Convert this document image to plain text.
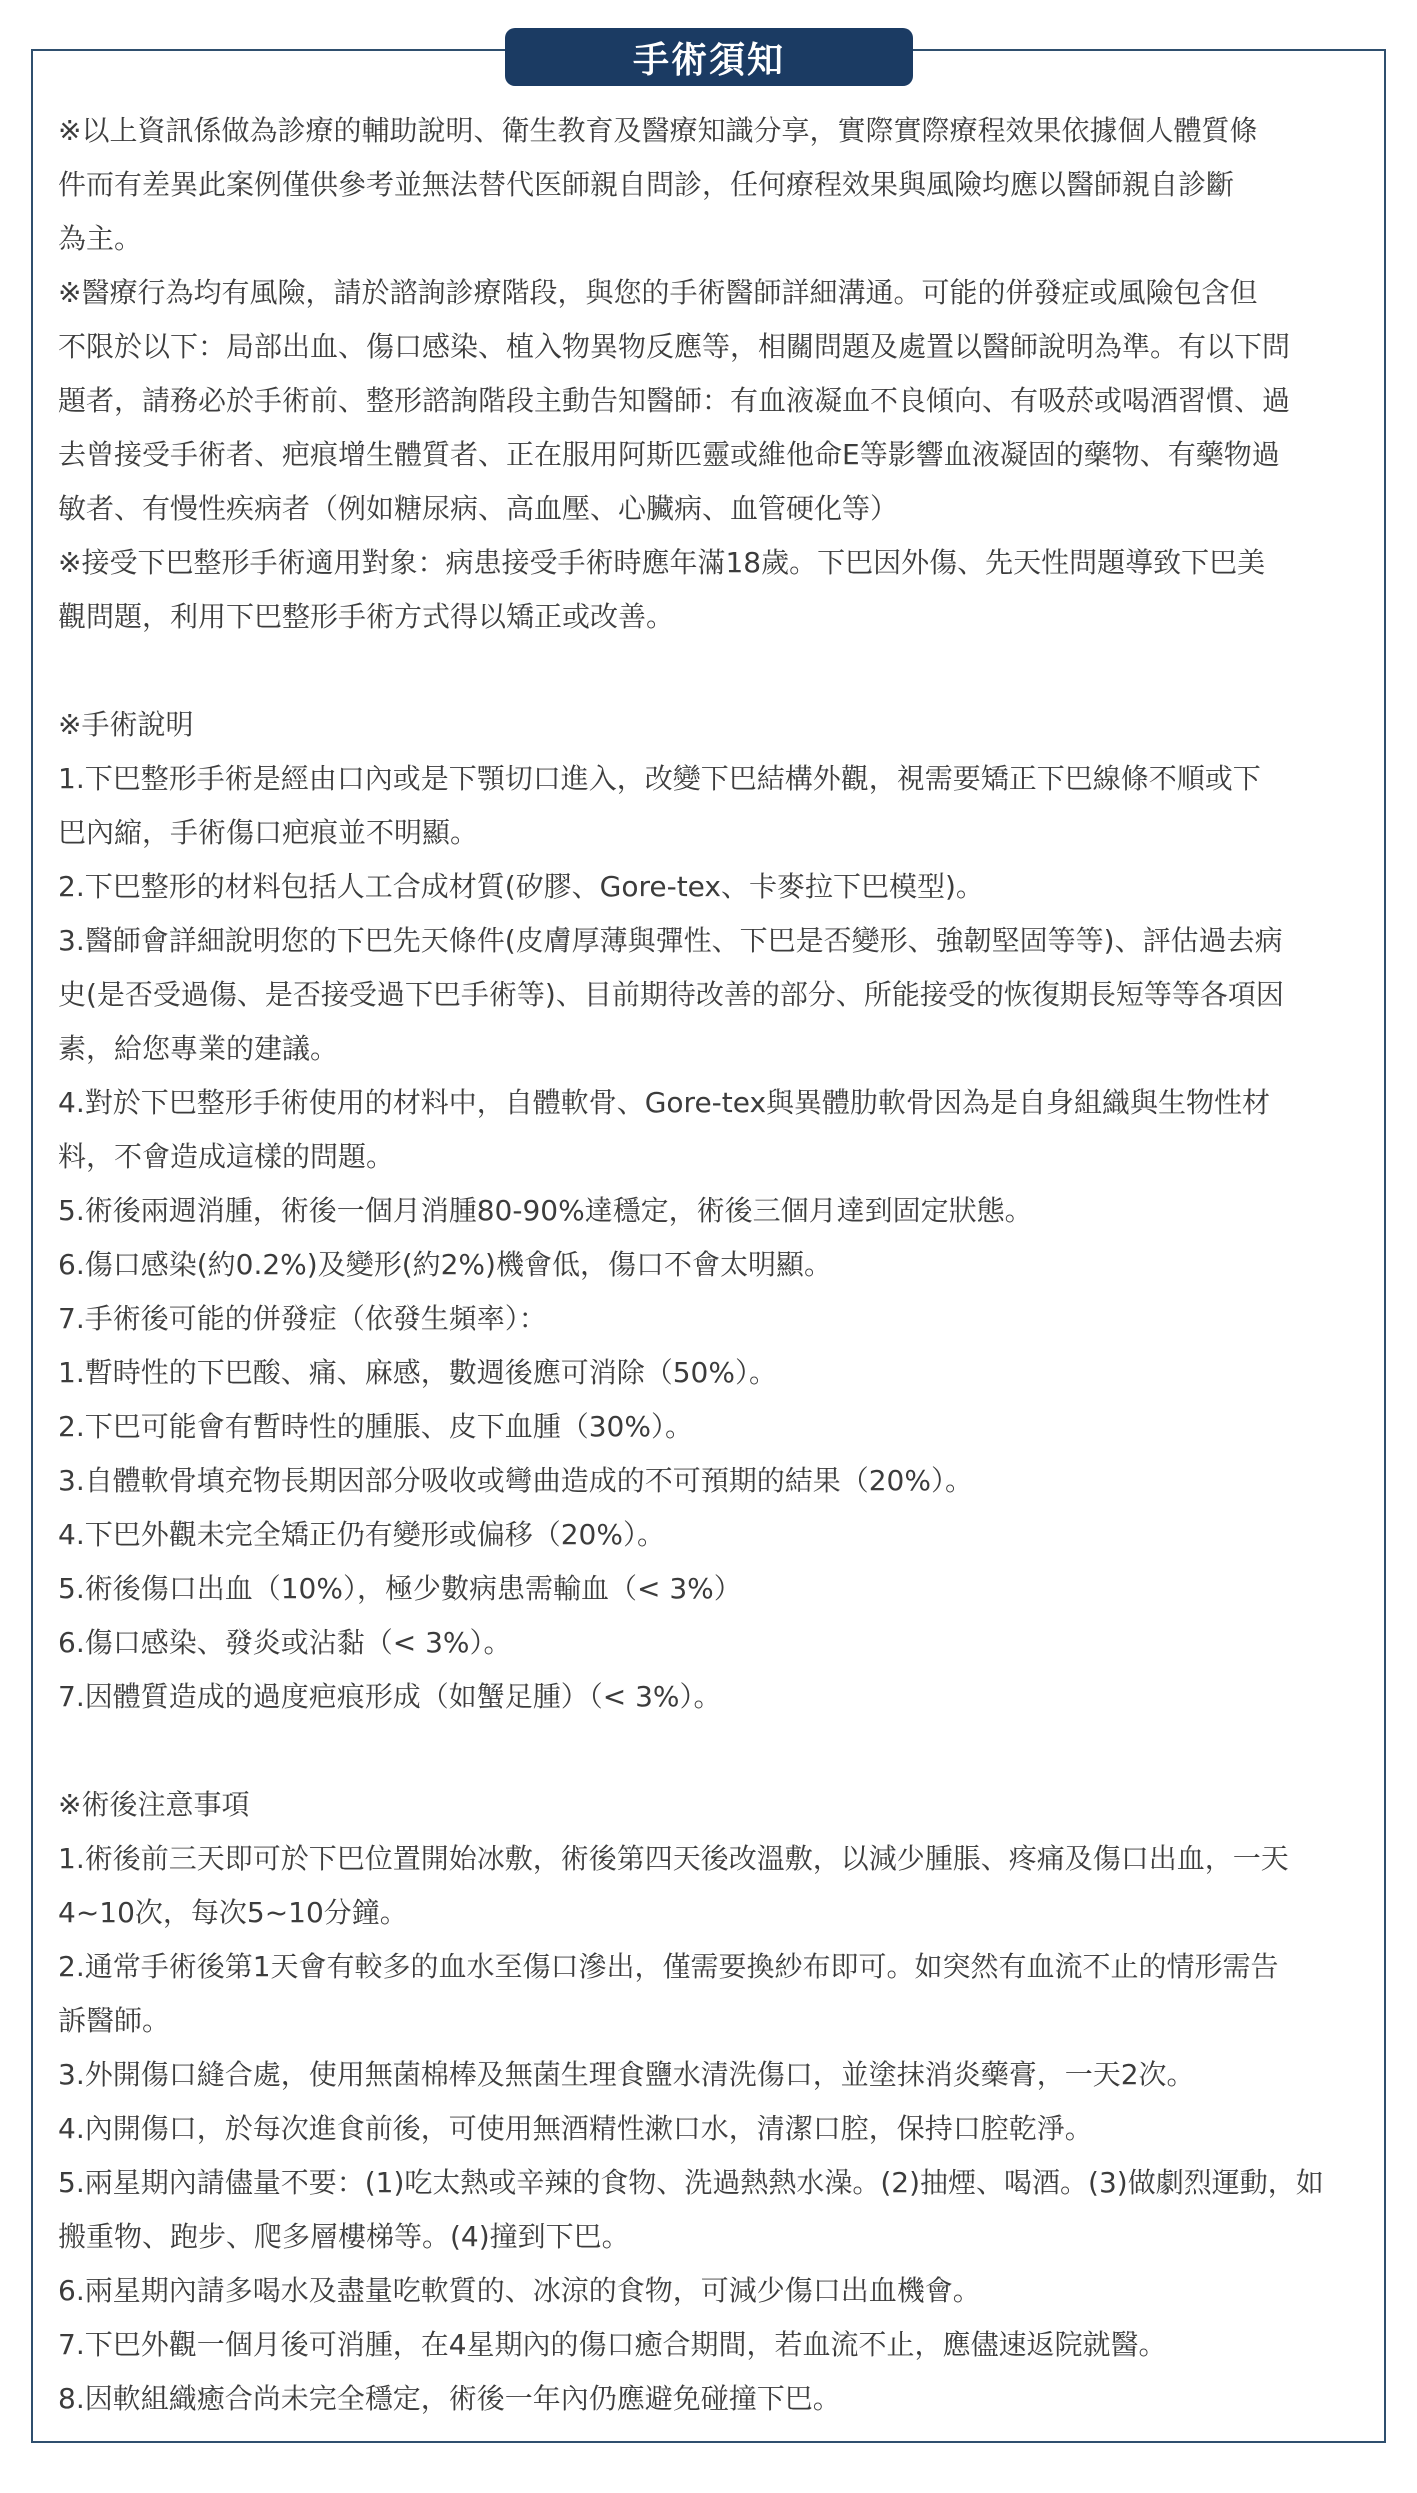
手術須知
※以上資訊係做為診療的輔助說明、衛生教育及醫療知識分享，實際實際療程效果依據個人體質條
件而有差異此案例僅供參考並無法替代医師親自問診，任何療程效果與風險均應以醫師親自診斷
為主。
※醫療行為均有風險，請於諮詢診療階段，與您的手術醫師詳細溝通。可能的併發症或風險包含但
不限於以下：局部出血、傷口感染、植入物異物反應等，相關問題及處置以醫師說明為準。有以下問
題者，請務必於手術前、整形諮詢階段主動告知醫師：有血液凝血不良傾向、有吸菸或喝酒習慣、過
去曾接受手術者、疤痕增生體質者、正在服用阿斯匹靈或維他命E等影響血液凝固的藥物、有藥物過
敏者、有慢性疾病者（例如糖尿病、高血壓、心臟病、血管硬化等）
※接受下巴整形手術適用對象：病患接受手術時應年滿18歲。下巴因外傷、先天性問題導致下巴美
觀問題，利用下巴整形手術方式得以矯正或改善。
※手術說明
1.下巴整形手術是經由口內或是下顎切口進入，改變下巴結構外觀，視需要矯正下巴線條不順或下
巴內縮，手術傷口疤痕並不明顯。
2.下巴整形的材料包括人工合成材質(矽膠、Gore-tex、卡麥拉下巴模型)。
3.醫師會詳細說明您的下巴先天條件(皮膚厚薄與彈性、下巴是否變形、強韌堅固等等)、評估過去病
史(是否受過傷、是否接受過下巴手術等)、目前期待改善的部分、所能接受的恢復期長短等等各項因
素，給您專業的建議。
4.對於下巴整形手術使用的材料中，自體軟骨、Gore-tex與異體肋軟骨因為是自身組織與生物性材
料，不會造成這樣的問題。
5.術後兩週消腫，術後一個月消腫80-90%達穩定，術後三個月達到固定狀態。
6.傷口感染(約0.2%)及變形(約2%)機會低，傷口不會太明顯。
7.手術後可能的併發症（依發生頻率）：
1.暫時性的下巴酸、痛、麻感，數週後應可消除（50%）。
2.下巴可能會有暫時性的腫脹、皮下血腫（30%）。
3.自體軟骨填充物長期因部分吸收或彎曲造成的不可預期的結果（20%）。
4.下巴外觀未完全矯正仍有變形或偏移（20%）。
5.術後傷口出血（10%），極少數病患需輸血（< 3%）
6.傷口感染、發炎或沾黏（< 3%）。
7.因體質造成的過度疤痕形成（如蟹足腫）（< 3%）。
※術後注意事項
1.術後前三天即可於下巴位置開始冰敷，術後第四天後改溫敷，以減少腫脹、疼痛及傷口出血，一天
4~10次，每次5~10分鐘。
2.通常手術後第1天會有較多的血水至傷口滲出，僅需要換紗布即可。如突然有血流不止的情形需告
訴醫師。
3.外開傷口縫合處，使用無菌棉棒及無菌生理食鹽水清洗傷口，並塗抹消炎藥膏，一天2次。
4.內開傷口，於每次進食前後，可使用無酒精性漱口水，清潔口腔，保持口腔乾淨。
5.兩星期內請儘量不要：(1)吃太熱或辛辣的食物、洗過熱熱水澡。(2)抽煙、喝酒。(3)做劇烈運動，如
搬重物、跑步、爬多層樓梯等。(4)撞到下巴。
6.兩星期內請多喝水及盡量吃軟質的、冰涼的食物，可減少傷口出血機會。
7.下巴外觀一個月後可消腫，在4星期內的傷口癒合期間，若血流不止，應儘速返院就醫。
8.因軟組織癒合尚未完全穩定，術後一年內仍應避免碰撞下巴。
